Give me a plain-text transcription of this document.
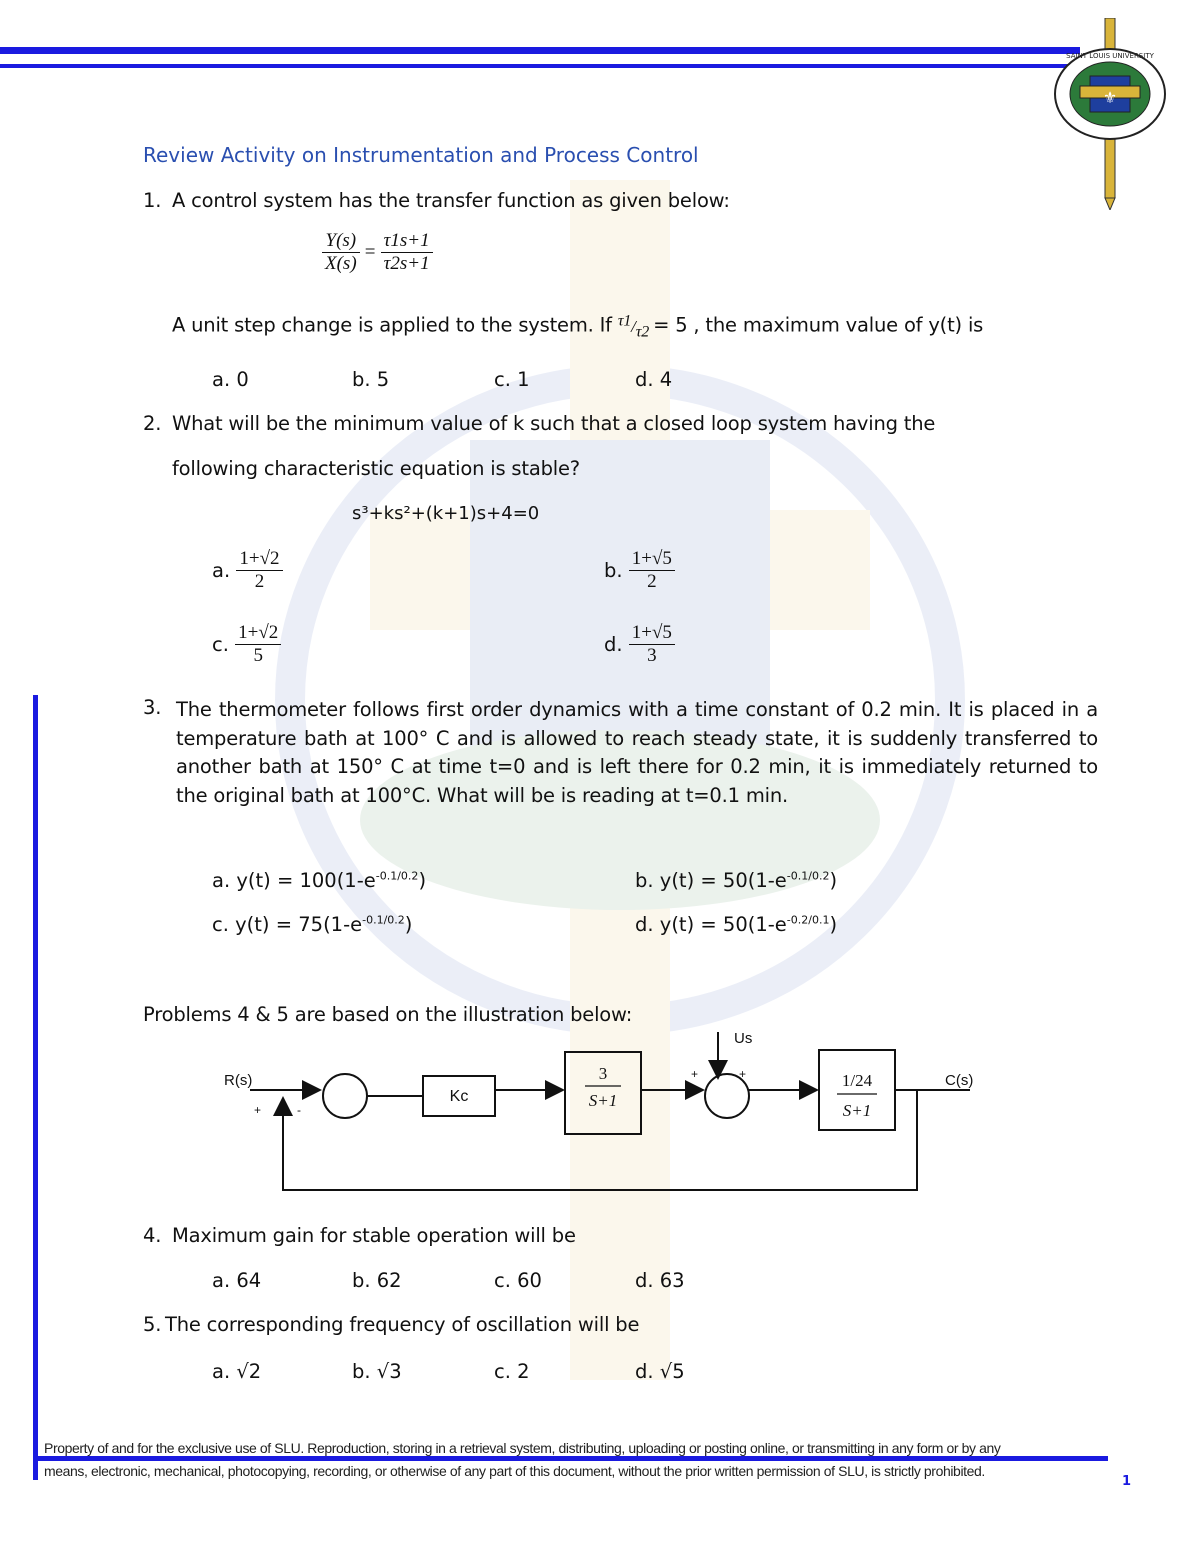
⚜
SAINT LOUIS UNIVERSITY
Review Activity on Instrumentation and Process Control
1. A control system has the transfer function as given below:
$\frac{Y(s)}{X(s)} = \frac{\tau 1s+1}{\tau 2s+1}$
A unit step change is applied to the system. If $^{\tau 1}/_{\tau 2} = 5$ , the maximum value of y(t) is
a. 0	b. 5	c. 1	d. 4
2. What will be the minimum value of k such that a closed loop system having the
following characteristic equation is stable?
s³+ks²+(k+1)s+4=0
a. $\frac{1+√2}{2}$	b. $\frac{1+√5}{2}$
c. $\frac{1+√2}{5}$	d. $\frac{1+√5}{3}$
3. The thermometer follows first order dynamics with a time constant of 0.2 min. It is placed in a temperature bath at 100° C and is allowed to reach steady state, it is suddenly transferred to another bath at 150° C at time t=0 and is left there for 0.2 min, it is immediately returned to the original bath at 100°C. What will be is reading at t=0.1 min.
a. $y(t) = 100(1-e^{-0.1/0.2})$	b. $y(t) = 50(1-e^{-0.1/0.2})$
c. $y(t) = 75(1-e^{-0.1/0.2})$	d. $y(t) = 50(1-e^{-0.2/0.1})$
Problems 4 & 5 are based on the illustration below:
R(s)	C(s)
Us
+	-
+	+
Kc
3
S+1
1/24
S+1
4. Maximum gain for stable operation will be
a. 64	b. 62	c. 60	d. 63
5. The corresponding frequency of oscillation will be
a. √2	b. √3	c. 2	d. √5
Property of and for the exclusive use of SLU. Reproduction, storing in a retrieval system, distributing, uploading or posting online, or transmitting in any form or by any
means, electronic, mechanical, photocopying, recording, or otherwise of any part of this document, without the prior written permission of SLU, is strictly prohibited.
1
